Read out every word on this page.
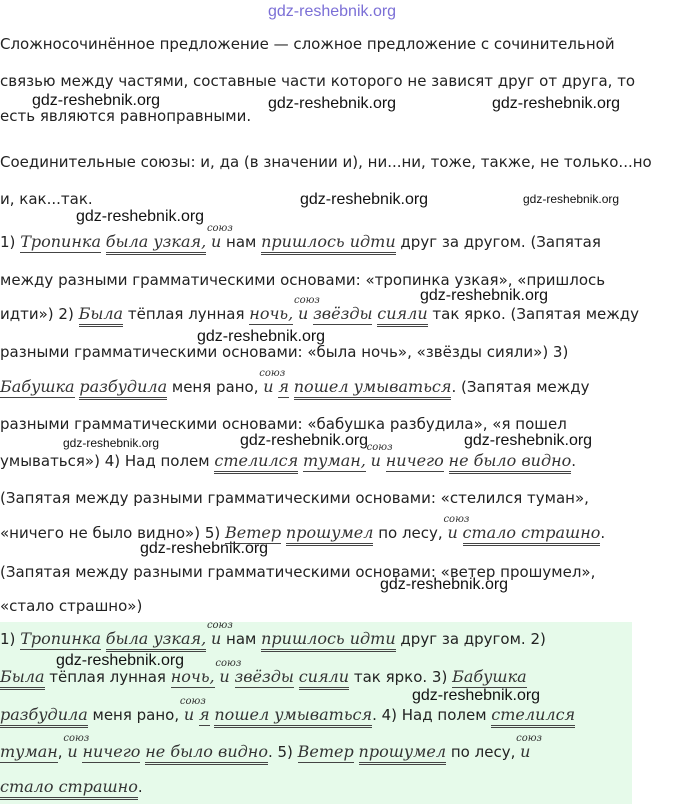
gdz-reshebnik.org
gdz-reshebnik.org	gdz-reshebnik.org	gdz-reshebnik.org
gdz-reshebnik.org	gdz-reshebnik.org
gdz-reshebnik.org
gdz-reshebnik.org
gdz-reshebnik.org
gdz-reshebnik.org	gdz-reshebnik.org	gdz-reshebnik.org
gdz-reshebnik.org
gdz-reshebnik.org
Сложносочинённое предложение — сложное предложение с сочинительной
связью между частями, составные части которого не зависят друг от друга, то
есть являются равноправными.
Соединительные союзы: и, да (в значении и), ни...ни, тоже, также, не только...но
и, как...так.
1) Тропинка была узкая,
союз
и нам пришлось идти друг за другом. (Запятая
между разными грамматическими основами: «тропинка узкая», «пришлось
идти») 2) Была тёплая лунная ночь,
союз
и звёзды сияли так ярко. (Запятая между
разными грамматическими основами: «была ночь», «звёзды сияли») 3)
Бабушка разбудила меня рано,
союз
и я пошел умываться. (Запятая между
разными грамматическими основами: «бабушка разбудила», «я пошел
умываться») 4) Над полем стелился туман,
союз
и ничего не было видно.
(Запятая между разными грамматическими основами: «стелился туман»,
«ничего не было видно») 5) Ветер прошумел по лесу,
союз
и стало страшно.
(Запятая между разными грамматическими основами: «ветер прошумел»,
«стало страшно»)
1) Тропинка была узкая,
союз
и нам пришлось идти друг за другом. 2)
Была тёплая лунная ночь,
союз
и звёзды сияли так ярко. 3) Бабушка
разбудила меня рано,
союз
и я пошел умываться. 4) Над полем стелился
туман,
союз
и ничего не было видно. 5) Ветер прошумел по лесу,
союз
и
стало страшно.
gdz-reshebnik.org
gdz-reshebnik.org
